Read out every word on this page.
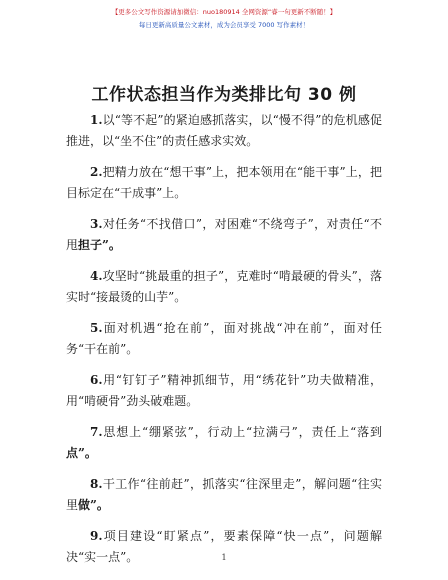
【更多公文写作资源请加微信：nuo180914 全网资源“睿一句更新不断随！】
每日更新高质量公文素材，成为会员享受 7000 写作素材！
工作状态担当作为类排比句 30 例

1.以“等不起”的紧迫感抓落实，以“慢不得”的危机感促推进，以“坐不住”的责任感求实效。

2.把精力放在“想干事”上，把本领用在“能干事”上，把目标定在“干成事”上。

3.对任务“不找借口”，对困难“不绕弯子”，对责任“不甩担子”。

4.攻坚时“挑最重的担子”，克难时“啃最硬的骨头”，落实时“接最烫的山芋”。

5.面对机遇“抢在前”，面对挑战“冲在前”，面对任务“干在前”。

6.用“钉钉子”精神抓细节，用“绣花针”功夫做精准，用“啃硬骨”劲头破难题。

7.思想上“绷紧弦”，行动上“拉满弓”，责任上“落到点”。

8.干工作“往前赶”，抓落实“往深里走”，解问题“往实里做”。

9.项目建设“盯紧点”，要素保障“快一点”，问题解决“实一点”。	1
